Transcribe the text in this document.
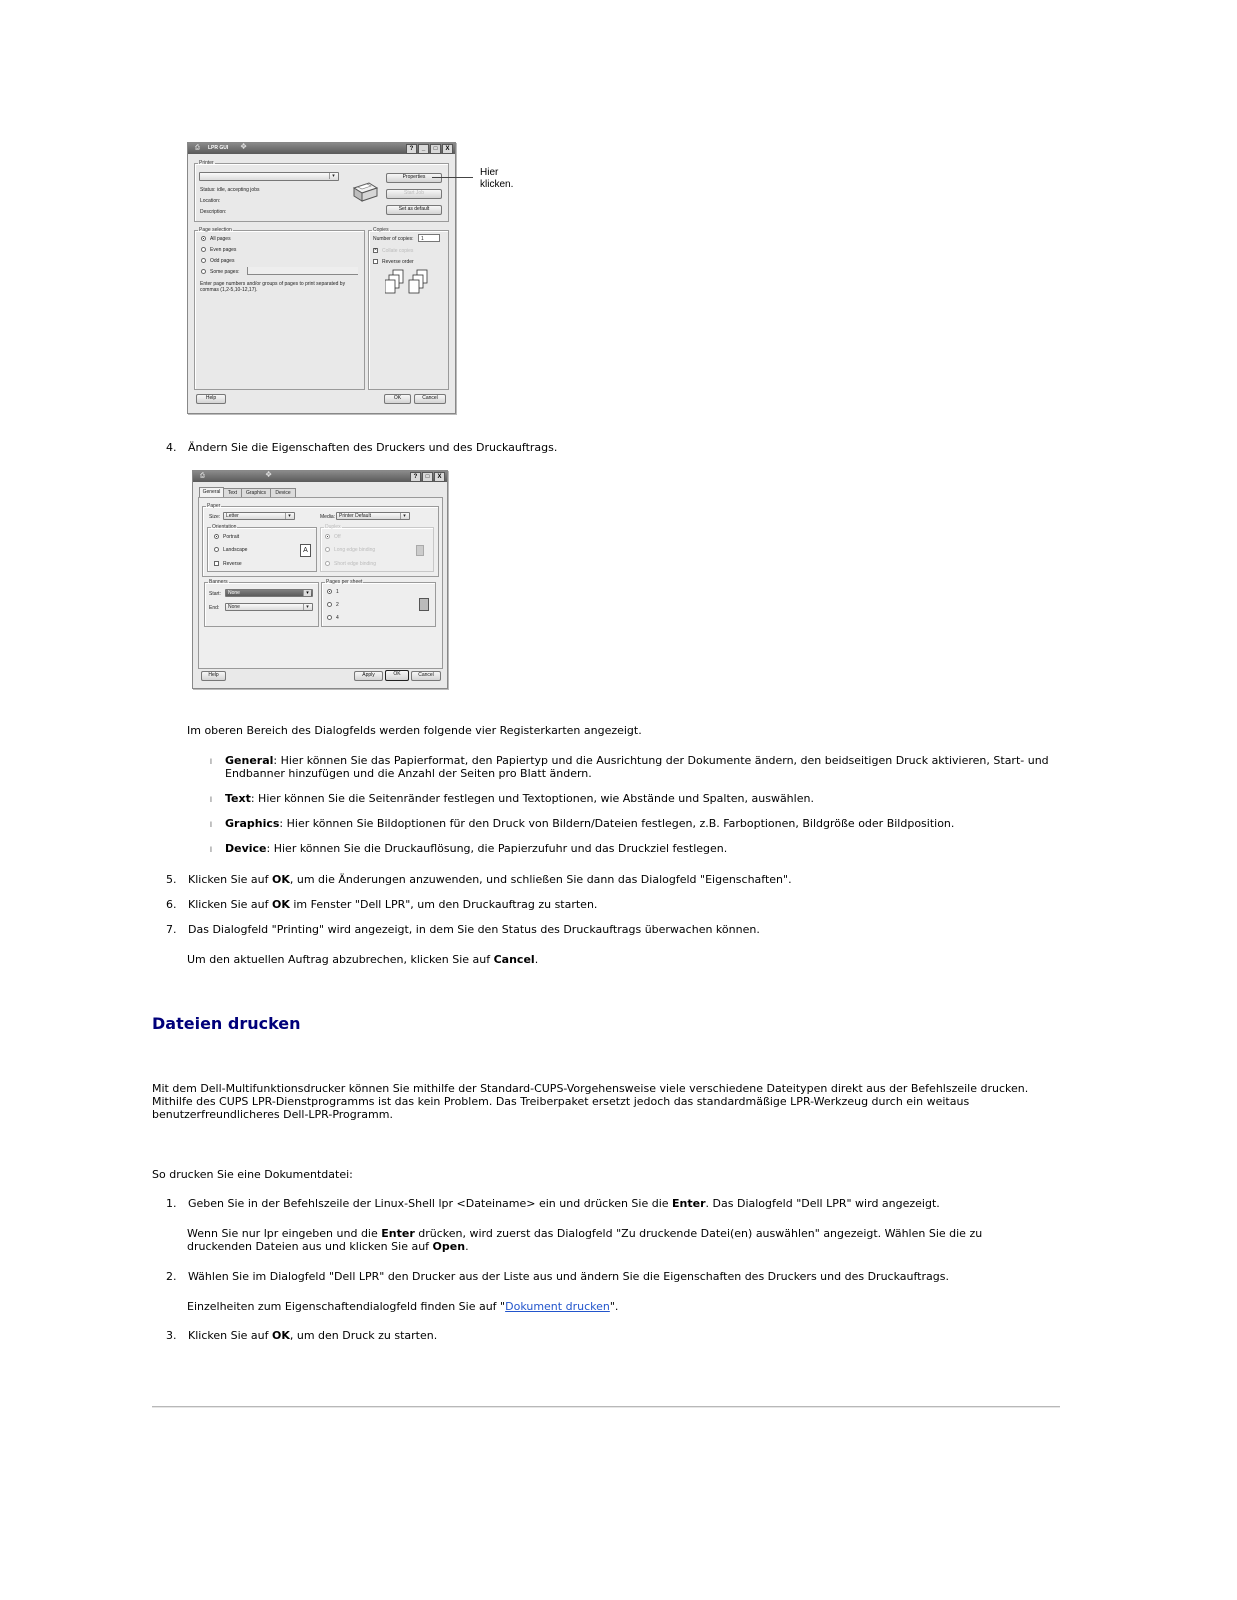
⎙ LPR GUI ❖	?	_	□	X
Printer
▾
Status: idle, accepting jobs
Location:
Description:
Properties
Start Job
Set as default
Page selection
All pages
Even pages
Odd pages
Some pages:
Enter page numbers and/or groups of pages to print separated by commas (1,2-5,10-12,17).
Copies
Number of copies:	1
× Collate copies
Reverse order
Help	OK	Cancel
Hier
klicken.
4.	Ändern Sie die Eigenschaften des Druckers und des Druckauftrags.
⎙	❖	?	□	X
General	Text	Graphics	Device
Paper
Size:	Letter	▾	Media: Printer Default	▾
Orientation
Portrait
Landscape	A
Reverse
Duplex
Off
Long edge binding
Short edge binding
Banners
Start:	None	▾
End:	None	▾
Pages per sheet
1
2
4
Help	Apply	OK	Cancel
Im oberen Bereich des Dialogfelds werden folgende vier Registerkarten angezeigt.
l General: Hier können Sie das Papierformat, den Papiertyp und die Ausrichtung der Dokumente ändern, den beidseitigen Druck aktivieren, Start- und Endbanner hinzufügen und die Anzahl der Seiten pro Blatt ändern.
l Text: Hier können Sie die Seitenränder festlegen und Textoptionen, wie Abstände und Spalten, auswählen.
l Graphics: Hier können Sie Bildoptionen für den Druck von Bildern/Dateien festlegen, z.B. Farboptionen, Bildgröße oder Bildposition.
l Device: Hier können Sie die Druckauflösung, die Papierzufuhr und das Druckziel festlegen.
5.	Klicken Sie auf OK, um die Änderungen anzuwenden, und schließen Sie dann das Dialogfeld "Eigenschaften".
6.	Klicken Sie auf OK im Fenster "Dell LPR", um den Druckauftrag zu starten.
7.	Das Dialogfeld "Printing" wird angezeigt, in dem Sie den Status des Druckauftrags überwachen können.
Um den aktuellen Auftrag abzubrechen, klicken Sie auf Cancel.
Dateien drucken
Mit dem Dell-Multifunktionsdrucker können Sie mithilfe der Standard-CUPS-Vorgehensweise viele verschiedene Dateitypen direkt aus der Befehlszeile drucken. Mithilfe des CUPS LPR-Dienstprogramms ist das kein Problem. Das Treiberpaket ersetzt jedoch das standardmäßige LPR-Werkzeug durch ein weitaus benutzerfreundlicheres Dell-LPR-Programm.
So drucken Sie eine Dokumentdatei:
1.	Geben Sie in der Befehlszeile der Linux-Shell lpr <Dateiname> ein und drücken Sie die Enter. Das Dialogfeld "Dell LPR" wird angezeigt.
Wenn Sie nur lpr eingeben und die Enter drücken, wird zuerst das Dialogfeld "Zu druckende Datei(en) auswählen" angezeigt. Wählen Sie die zu druckenden Dateien aus und klicken Sie auf Open.
2.	Wählen Sie im Dialogfeld "Dell LPR" den Drucker aus der Liste aus und ändern Sie die Eigenschaften des Druckers und des Druckauftrags.
Einzelheiten zum Eigenschaftendialogfeld finden Sie auf "Dokument drucken".
3.	Klicken Sie auf OK, um den Druck zu starten.
